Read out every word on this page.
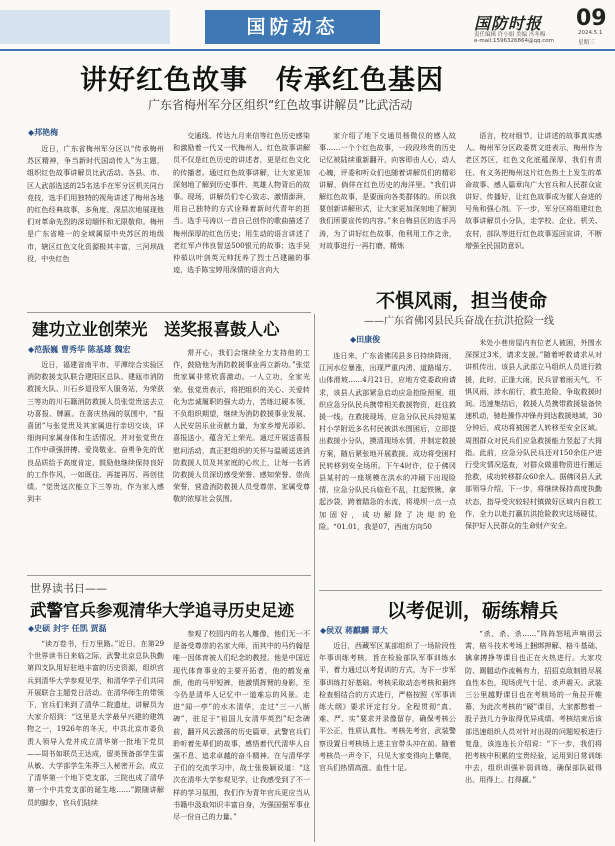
国防动态	国防时报
责任编辑 许小娟 美编 冯冬梅
e-mail:1596326864@qq.com
09
2024.5.1
星期三
讲好红色故事　传承红色基因
广东省梅州军分区组织“红色故事讲解员”比武活动
◆邦艳梅

近日，广东省梅州军分区以“传承梅州苏区精神，争当新时代国动传人”为主题，组织红色故事讲解员比武活动。各县、市、区人武部选送的25名选手在军分区机关同台竞技，选手们用独特的视角讲述了梅州各地的红色经典故事，多角度、深层次地展现他们对革命先烈的深切缅怀和无限敬仰。梅州是广东省唯一的全域属原中央苏区的地级市，辖区红色文化资源极其丰富，三河坝战役，中央红色

交通线、传达九月来信等红色历史感染和激励着一代又一代梅州人。红色故事讲解员不仅是红色历史的讲述者，更是红色文化的传播者。通过红色故事讲解，让大家更加深刻地了解到历史事件、英雄人物背后的故事。现场，讲解员们专心致志、激情澎湃，用自己独特的方式诠释着新时代青年的担当。选手马涛以一首自己创作的歌曲描述了梅州深厚的红色历史；用生动的语言讲述了老红军卢伟良智送500银元的故事；选手吴仲茹以叶剑英元帅抚养了烈士吕建融的事迹，选手陈宝婷用深情的语言向大

家介绍了地下交通员杨微仪的感人故事……一个个红色故事，一段段珍贵的历史记忆被陆续重新翻开，向客即由人心，动人心魄，评委和听众们也随着讲解员们的精彩讲解，倘佯在红色历史的海洋里。“我们讲解红色故事，是要面向各类群体的。所以我要创新讲解形式，让大家更加深刻地了解到我们所要宣传的内容。”来自梅县区的选手冯涛，为了讲好红色故事，他利用工作之余，对故事进行一再打磨，精炼

语言，校对细节，让讲述的故事真实感人。梅州军分区政委贾文进表示，梅州作为老区苏区，红色文化底蕴深厚，我们有责任、有义务把梅州这片红色热土上发生的革命故事、感人篇章向广大官兵和人民群众宣讲好、传播好，让红色故事成为催人奋进的号角和强心剂。下一步，军分区将组建红色故事讲解员小分队，走学校、企业、机关、农村，部队等进行红色故事巡回宣讲，不断增强全民国防意识。

建功立业创荣光　送奖报喜鼓人心
◆范振巍 曹秀华 陈基雄 魏宏

近日，福建省南平市、平潭综合实验区消防救援支队联合建阳区总队、建瓯市消防救援大队、川石乡退役军人服务站，为荣获三等功的川石籍消防救援人员张觉贵送去立功喜报、牌匾。在喜庆热闹的氛围中，“报喜团”与张觉贵及其家属进行亲切交谈，详细询问家属身体和生活情况，并对张觉贵在工作中顽强拼搏、爱岗敬业、奋勇争先的优良品质给予高度肯定，鼓励他继续保持良好的工作作风，一如既往、再接再厉、再创佳绩。“觉贵这次能立下三等功，作为家人感到丰

常开心，我们会继续全力支持他的工作，鼓励他为消防救援事业再立新功。”张觉贵家属非常欣喜激动。一人立功，全家光荣。张觉贵表示，将把组织的关心、关爱转化为忠诚履职的强大动力，苦练过硬本领，不负组织期望，继续为消防救援事业发展、人民安居乐业贡献力量，为家乡增光添彩。喜报送小，蕴含无上荣光。通过开展送喜报慰问活动，真正把组织的关怀与温暖送进消防救援人员及其家庭的心坎上，让每一名消防救援人员深切感受荣誉、感知荣誉、崇尚荣誉，营造消防救援人员受尊崇、家属受尊敬的浓厚社会氛围。

世界读书日——
武警官兵参观清华大学追寻历史足迹
◆史硕 封宇 任凯 贾磊

“读万卷书，行万里路。”近日，在第29个世界读书日来临之际，武警北京总队执勤第四支队用好驻地丰富的历史资源，组织官兵到清华大学参观见学，和清华学子们共同开展联合主题党日活动。在清华师生的带领下，官兵们来到了清华二院遗址，讲解员为大家介绍到：“这里是大学最早兴建的建筑物之一，1926年的冬天，中共北京市委负责人领导入党并成立清华第一批地下党员——周书如联员王达成，留美预备部学生雷从敏、大学部学生朱莽三人秘密开会，成立了清华第一个地下党支部，三院也成了清华第一个中共党支部的诞生地……”跟随讲解员的脚步，官兵们陆续

参观了校园内的名人雕像，他们无一不是备受尊崇的名家大师，而其中的马约翰是唯一因体育被人们纪念的教授。他是中国近现代体育事业的主要开拓者，他的鹤发童颜，他的马甲短裤，他激情挥臂的身影，至今仍是清华人记忆中一道难忘的风景。走进“闻一亭”的水木清华，走过“三一八断碑”，驻足于“祖国儿女清华英烈”纪念碑前，翻开风云激荡的历史篇章，武警官兵们聆听着先辈们的故事，感悟着代代清华人自强不息、追求卓越的奋斗精神。在与清华学子们的交流学习中，战士张俊颖说道：“这次在清华大学参观见学，让我感受到了不一样的学习氛围，我们作为青年官兵更应当从书籍中汲取知识丰富自身，为强国强军事业尽一份自己的力量。”

不惧风雨，担当使命
——广东省佛冈县民兵奋战在抗洪抢险一线
◆田康俊

连日来，广东省佛冈县多日持续降雨，江河水位暴涨，出现严重内涝、道路塌方、山体滑坡……4月21日，应地方党委政府请求，该县人武部紧急启动应急抢险预案，组织应急分队民兵携带相关救援物资，赶往救援一线。在救援现场，应急分队民兵持短某村小学附近多名村民被洪水围困后，立即提出救援小分队，摸清现场水情，并制定救援方案，随后紧张地开展救援。成功将受困村民转移到安全场所。下午4时许，位于佛冈县某村的一座规模在洪水的冲刷下出现险情，应急分队民兵临危不乱，扛起铁锹、拿起沙袋，跨着踏急的水流，将堤坝一点一点加固好，成功解除了决堤的危险。“01.01，我是07，西南方向50

米处小巷房屋内有位老人被困，外围水深探过3米，请求支援。”随着呼救请求从对讲机传出，该县人武部立马组织人员进行救援，此时，正逢大雨，民兵冒着雨天气，不惧风雨，涉水前行，救生抢险，争取救援时间。迅速集结后，救援人员携带救援装备快速机动，驰赴操作冲锋舟到达救援地域，30分钟后，成功将被困老人转移至安全区域。周围群众对民兵们应急救援能力竖起了大拇指。此前，应急分队民兵还对150余住户进行受灾情况巡查，对群众做重物资进行搬运抢救，成功转移群众60余人。据佛冈县人武部领导介绍，下一步，将继续保持高度执勤状态，指导受灾较轻村镇做好区域内自救工作，全力以赴打赢抗洪抢险救灾这场硬仗，保护好人民群众的生命财产安全。

以考促训，砺练精兵
◆侯双 蒋麒麟 谭大

近日，西藏军区某部组织了一场阶段性年事训练考核，旨在检验部队军事训练水平，着力通过以考促训的方式，为下一步军事训练打好基础。考核采取动态考核和最终检查相结合的方式进行，严格按照《军事训练大纲》要求评定打分。全程贯彻“真、难、严、实”要求并录像留存，确保考核公平公正，性质认真性。考核先考官，武装警察设置日考核场上进主官带头冲在前。随着考核员一声令下，只见大家变得向上攀爬，官兵们热情高涨、血性十足。

“杀、杀、杀……”阵阵怒吼声响彻云霄，格斗技术考场上捆绑押解、格斗基础、擒拿搏挣等课目也正在火热进行。大家攻防、踢腿动作流畅有力，招招克敌制胜尽展血性本色，现场虎气十足、杀声震天。武装三公里越野课目也在考核场的一角拉开帷幕，为此次考核的“硬”课目，大家都憋着一股子劲儿力争取得优异成绩。考核结束后该部迅速组织人员对针对出现的问题短板进行复盘，该连连长介绍说：“下一步，我们将把考核中积累的宝贵经验，运用到日常训练中去，组织训强补弱训练，确保部队砥得出、用得上、打得赢。”
